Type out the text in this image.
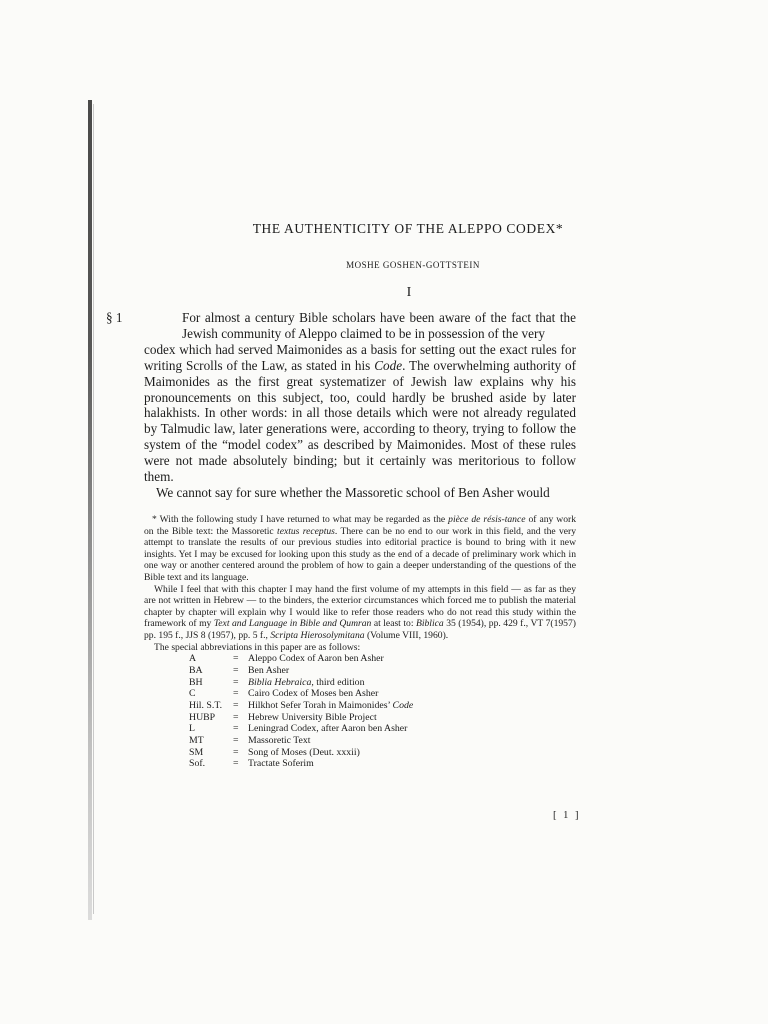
THE AUTHENTICITY OF THE ALEPPO CODEX*
MOSHE GOSHEN-GOTTSTEIN
I

§ 1	For almost a century Bible scholars have been aware of the fact that the Jewish community of Aleppo claimed to be in possession of the very
codex which had served Maimonides as a basis for setting out the exact rules for writing Scrolls of the Law, as stated in his Code. The overwhelming authority of Maimonides as the first great systematizer of Jewish law explains why his pronouncements on this subject, too, could hardly be brushed aside by later halakhists. In other words: in all those details which were not already regulated by Talmudic law, later generations were, according to theory, trying to follow the system of the “model codex” as described by Maimonides. Most of these rules were not made absolutely binding; but it certainly was meritorious to follow them.

We cannot say for sure whether the Massoretic school of Ben Asher would

* With the following study I have returned to what may be regarded as the pièce de résis-tance of any work on the Bible text: the Massoretic textus receptus. There can be no end to our work in this field, and the very attempt to translate the results of our previous studies into editorial practice is bound to bring with it new insights. Yet I may be excused for looking upon this study as the end of a decade of preliminary work which in one way or another centered around the problem of how to gain a deeper understanding of the questions of the Bible text and its language.

While I feel that with this chapter I may hand the first volume of my attempts in this field — as far as they are not written in Hebrew — to the binders, the exterior circumstances which forced me to publish the material chapter by chapter will explain why I would like to refer those readers who do not read this study within the framework of my Text and Language in Bible and Qumran at least to: Biblica 35 (1954), pp. 429 f., VT 7(1957) pp. 195 f., JJS 8 (1957), pp. 5 f., Scripta Hierosolymitana (Volume VIII, 1960).

The special abbreviations in this paper are as follows:

A	=	Aleppo Codex of Aaron ben Asher
BA	=	Ben Asher
BH	=	Biblia Hebraica, third edition
C	=	Cairo Codex of Moses ben Asher
Hil. S.T.	=	Hilkhot Sefer Torah in Maimonides’ Code
HUBP	=	Hebrew University Bible Project
L	=	Leningrad Codex, after Aaron ben Asher
MT	=	Massoretic Text
SM	=	Song of Moses (Deut. xxxii)
Sof.	=	Tractate Soferim
[ 1 ]
